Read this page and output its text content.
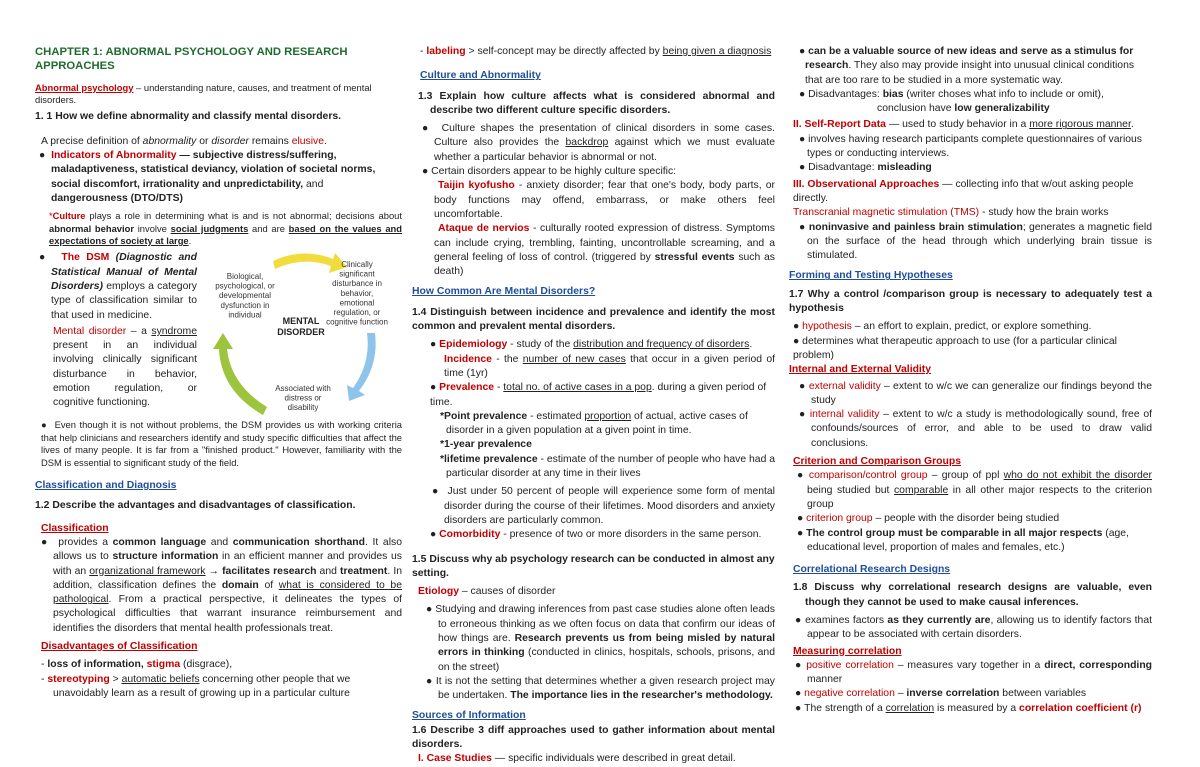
CHAPTER 1: ABNORMAL PSYCHOLOGY AND RESEARCH APPROACHES

Abnormal psychology – understanding nature, causes, and treatment of mental disorders.

1. 1 How we define abnormality and classify mental disorders.

A precise definition of abnormality or disorder remains elusive.

●  Indicators of Abnormality — subjective distress/suffering, maladaptiveness, statistical deviancy, violation of societal norms, social discomfort, irrationality and unpredictability, and dangerousness (DTO/DTS)

*Culture plays a role in determining what is and is not abnormal; decisions about abnormal behavior involve social judgments and are based on the values and expectations of society at large.

●  The DSM (Diagnostic and Statistical Manual of Mental Disorders) employs a category type of classification similar to that used in medicine.

Mental disorder – a syndrome present in an individual involving clinically significant disturbance in behavior, emotion regulation, or cognitive functioning.

Biological, psychological, or developmental dysfunction in individual
Clinically significant disturbance in behavior, emotional regulation, or cognitive function
MENTAL DISORDER
Associated with distress or disability

●  Even though it is not without problems, the DSM provides us with working criteria that help clinicians and researchers identify and study specific difficulties that affect the lives of many people. It is far from a "finished product." However, familiarity with the DSM is essential to significant study of the field.

Classification and Diagnosis

1.2 Describe the advantages and disadvantages of classification.

Classification

●  provides a common language and communication shorthand. It also allows us to structure information in an efficient manner and provides us with an organizational framework → facilitates research and treatment. In addition, classification defines the domain of what is considered to be pathological. From a practical perspective, it delineates the types of psychological difficulties that warrant insurance reimbursement and identifies the disorders that mental health professionals treat.

Disadvantages of Classification

- loss of information, stigma (disgrace),

- stereotyping > automatic beliefs concerning other people that we unavoidably learn as a result of growing up in a particular culture

- labeling > self-concept may be directly affected by being given a diagnosis

Culture and Abnormality

1.3 Explain how culture affects what is considered abnormal and describe two different culture specific disorders.

●  Culture shapes the presentation of clinical disorders in some cases. Culture also provides the backdrop against which we must evaluate whether a particular behavior is abnormal or not.

● Certain disorders appear to be highly culture specific:

Taijin kyofusho - anxiety disorder; fear that one's body, body parts, or body functions may offend, embarrass, or make others feel uncomfortable.

Ataque de nervios - culturally rooted expression of distress. Symptoms can include crying, trembling, fainting, uncontrollable screaming, and a general feeling of loss of control. (triggered by stressful events such as death)

How Common Are Mental Disorders?

1.4 Distinguish between incidence and prevalence and identify the most common and prevalent mental disorders.

● Epidemiology - study of the distribution and frequency of disorders.

Incidence - the number of new cases that occur in a given period of time (1yr)

● Prevalence - total no. of active cases in a pop. during a given period of time.

*Point prevalence - estimated proportion of actual, active cases of disorder in a given population at a given point in time.

*1-year prevalence

*lifetime prevalence - estimate of the number of people who have had a particular disorder at any time in their lives

●  Just under 50 percent of people will experience some form of mental disorder during the course of their lifetimes. Mood disorders and anxiety disorders are particularly common.

● Comorbidity - presence of two or more disorders in the same person.

1.5 Discuss why ab psychology research can be conducted in almost any setting.

Etiology – causes of disorder

● Studying and drawing inferences from past case studies alone often leads to erroneous thinking as we often focus on data that confirm our ideas of how things are. Research prevents us from being misled by natural errors in thinking (conducted in clinics, hospitals, schools, prisons, and on the street)

● It is not the setting that determines whether a given research project may be undertaken. The importance lies in the researcher's methodology.

Sources of Information

1.6 Describe 3 diff approaches used to gather information about mental disorders.

I. Case Studies — specific individuals were described in great detail.

● can be a valuable source of new ideas and serve as a stimulus for research. They also may provide insight into unusual clinical conditions that are too rare to be studied in a more systematic way.

● Disadvantages: bias (writer choses what info to include or omit),

conclusion have low generalizability

II. Self-Report Data — used to study behavior in a more rigorous manner.

● involves having research participants complete questionnaires of various types or conducting interviews.

● Disadvantage: misleading

III. Observational Approaches — collecting info that w/out asking people directly.

Transcranial magnetic stimulation (TMS) - study how the brain works

● noninvasive and painless brain stimulation; generates a magnetic field on the surface of the head through which underlying brain tissue is stimulated.

Forming and Testing Hypotheses

1.7 Why a control /comparison group is necessary to adequately test a hypothesis

● hypothesis – an effort to explain, predict, or explore something.

● determines what therapeutic approach to use (for a particular clinical problem)

Internal and External Validity

● external validity – extent to w/c we can generalize our findings beyond the study

● internal validity – extent to w/c a study is methodologically sound, free of confounds/sources of error, and able to be used to draw valid conclusions.

Criterion and Comparison Groups

● comparison/control group – group of ppl who do not exhibit the disorder being studied but comparable in all other major respects to the criterion group

● criterion group – people with the disorder being studied

● The control group must be comparable in all major respects (age, educational level, proportion of males and females, etc.)

Correlational Research Designs

1.8 Discuss why correlational research designs are valuable, even though they cannot be used to make causal inferences.

● examines factors as they currently are, allowing us to identify factors that appear to be associated with certain disorders.

Measuring correlation

● positive correlation – measures vary together in a direct, corresponding manner

● negative correlation – inverse correlation between variables

● The strength of a correlation is measured by a correlation coefficient (r)
